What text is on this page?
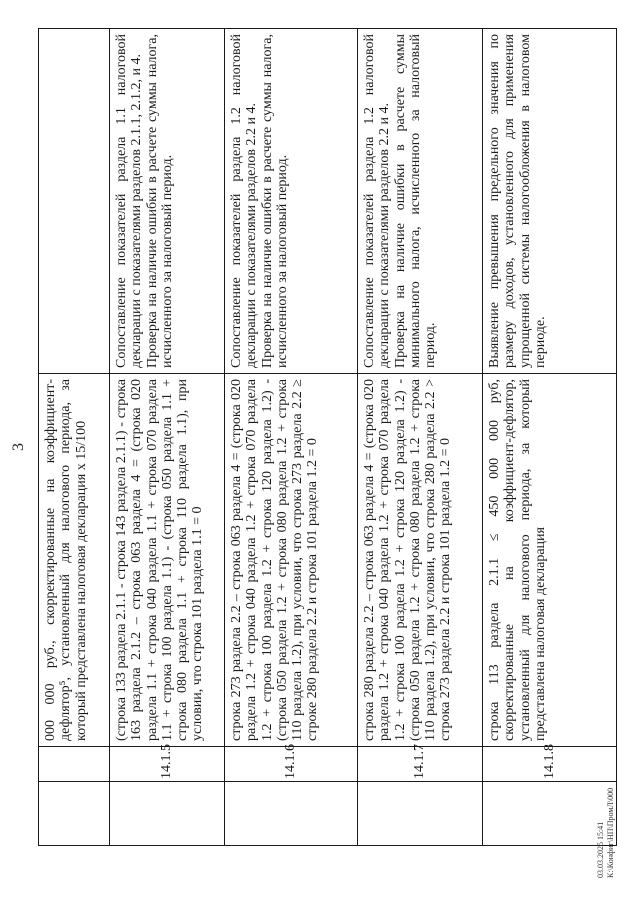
3
		000 000 руб., скорректированные на коэффициент-дефлятор⁵, установленный для налогового периода, за который представлена налоговая декларация х 15/100	
	14.1.5	(строка 133 раздела 2.1.1 - строка 143 раздела 2.1.1) - строка 163 раздела 2.1.2 – строка 063 раздела 4 = (строка 020 раздела 1.1 + строка 040 раздела 1.1 + строка 070 раздела 1.1 + строка 100 раздела 1.1) - (строка 050 раздела 1.1 + строка 080 раздела 1.1 + строка 110 раздела 1.1), при условии, что строка 101 раздела 1.1 = 0	Сопоставление показателей раздела 1.1 налоговой декларации с показателями разделов 2.1.1, 2.1.2, и 4. Проверка на наличие ошибки в расчете суммы налога, исчисленного за налоговый период.

	14.1.6	строка 273 раздела 2.2 – строка 063 раздела 4 = (строка 020 раздела 1.2 + строка 040 раздела 1.2 + строка 070 раздела 1.2 + строка 100 раздела 1.2 + строка 120 раздела 1.2) - (строка 050 раздела 1.2 + строка 080 раздела 1.2 + строка 110 раздела 1.2), при условии, что строка 273 раздела 2.2 ≥ строке 280 раздела 2.2 и строка 101 раздела 1.2 = 0	Сопоставление показателей раздела 1.2 налоговой декларации с показателями разделов 2.2 и 4. Проверка на наличие ошибки в расчете суммы налога, исчисленного за налоговый период.

	14.1.7	строка 280 раздела 2.2 – строка 063 раздела 4 = (строка 020 раздела 1.2 + строка 040 раздела 1.2 + строка 070 раздела 1.2 + строка 100 раздела 1.2 + строка 120 раздела 1.2) - (строка 050 раздела 1.2 + строка 080 раздела 1.2 + строка 110 раздела 1.2), при условии, что строка 280 раздела 2.2 > строка 273 раздела 2.2 и строка 101 раздела 1.2 = 0	Сопоставление показателей раздела 1.2 налоговой декларации с показателями разделов 2.2 и 4. Проверка на наличие ошибки в расчете суммы минимального налога, исчисленного за налоговый период.

	14.1.8	строка 113 раздела 2.1.1 ≤ 450 000 000 руб, скорректированные на коэффициент-дефлятор, установленный для налогового периода, за который представлена налоговая декларация	Выявление превышения предельного значения по размеру доходов, установленного для применения упрощенной системы налогообложения в налоговом периоде.

03.03.2025 15:41 К:\Конфиг\НП\ПромЛ\000
